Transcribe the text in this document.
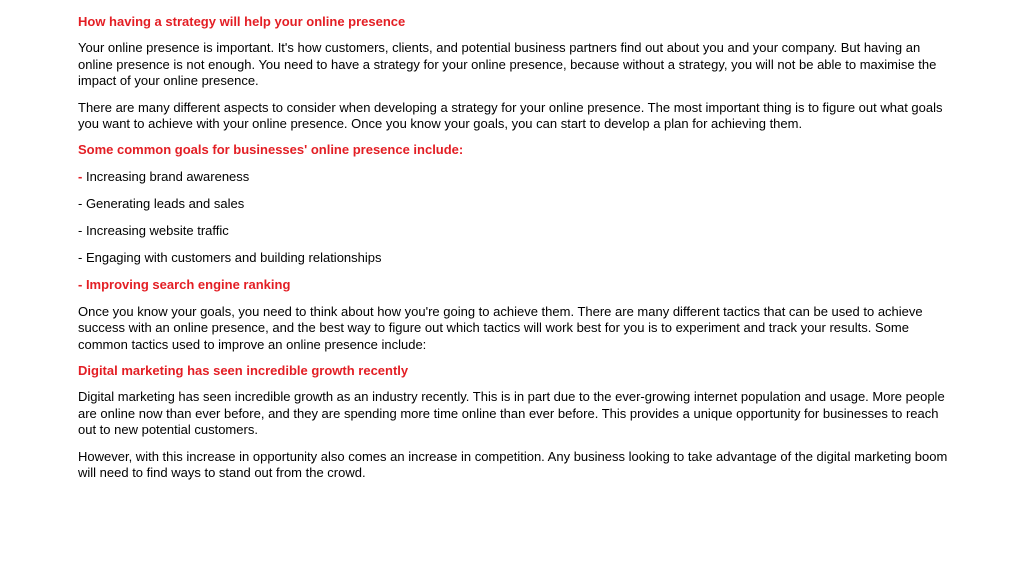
How having a strategy will help your online presence

Your online presence is important. It's how customers, clients, and potential business partners find out about you and your company. But having an online presence is not enough. You need to have a strategy for your online presence, because without a strategy, you will not be able to maximise the impact of your online presence.

There are many different aspects to consider when developing a strategy for your online presence. The most important thing is to figure out what goals you want to achieve with your online presence. Once you know your goals, you can start to develop a plan for achieving them.

Some common goals for businesses' online presence include:

- Increasing brand awareness

- Generating leads and sales

- Increasing website traffic

- Engaging with customers and building relationships

- Improving search engine ranking

Once you know your goals, you need to think about how you're going to achieve them. There are many different tactics that can be used to achieve success with an online presence, and the best way to figure out which tactics will work best for you is to experiment and track your results. Some common tactics used to improve an online presence include:

Digital marketing has seen incredible growth recently

Digital marketing has seen incredible growth as an industry recently. This is in part due to the ever-growing internet population and usage. More people are online now than ever before, and they are spending more time online than ever before. This provides a unique opportunity for businesses to reach out to new potential customers.

However, with this increase in opportunity also comes an increase in competition. Any business looking to take advantage of the digital marketing boom will need to find ways to stand out from the crowd.
